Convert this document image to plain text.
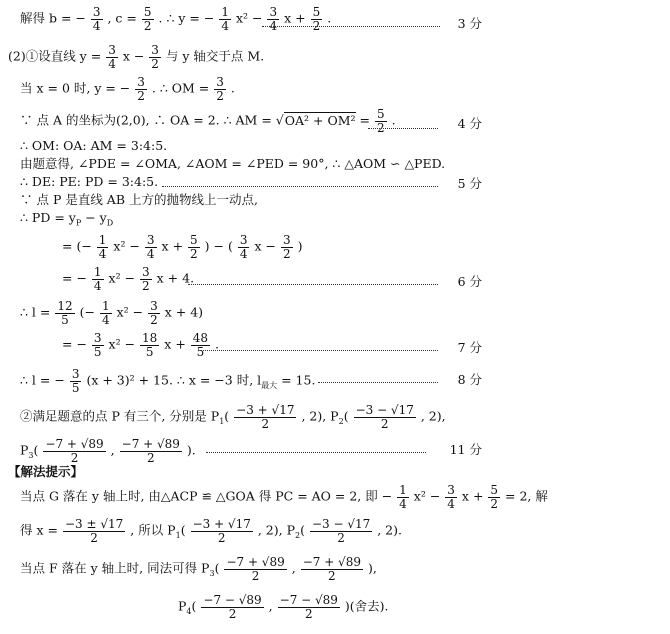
解得 b = − $\frac{3}{4}$ , $c = \frac{5}{2}$ . ∴ y = − $\frac{1}{4} x^2 - \frac{3}{4}$ $x + \frac{5}{2}$ .	3 分
(2)①设直线 $y = \frac{3}{4}$ $x - \frac{3}{2}$ 与 y 轴交于点 M.
当 x = 0 时, y = − $\frac{3}{2}$ . ∴ OM = $\frac{3}{2}$ .
∵ 点 A 的坐标为(2,0), ∴ OA = 2. ∴ AM = $√OA^2 + OM^2 = \frac{5}{2}$ .	4 分
∴ OM: OA: AM = 3:4:5.
由题意得, ∠PDE = ∠OMA, ∠AOM = ∠PED = 90°, ∴ △AOM ∽ △PED.
∴ DE: PE: PD = 3:4:5.	5 分
∵ 点 P 是直线 AB 上方的抛物线上一动点,
∴ PD = $y_P - y_D$
= (− $\frac{1}{4} x^2 - \frac{3}{4}$ $x + \frac{5}{2}$ ) − ( $\frac{3}{4}$ $x - \frac{3}{2}$ )
= − $\frac{1}{4} x^2 - \frac{3}{2}$ x + 4.	6 分
∴ $l = \frac{12}{5}$ (− $\frac{1}{4} x^2 - \frac{3}{2}$ x + 4)
= − $\frac{3}{5} x^2 - \frac{18}{5}$ $x + \frac{48}{5}$ .	7 分
∴ l = − $\frac{3}{5} (x + 3)^2 + 15$. ∴ x = −3 时, $l_{最大} = 15$.	8 分
②满足题意的点 P 有三个, 分别是 $P_1( \frac{-3 + √17}{2}$ , 2), $P_2( \frac{-3 - √17}{2}$ , 2),
$P_3( \frac{-7 + √89}{2}$ , $\frac{-7 + √89}{2}$ ).	11 分
【解法提示】
当点 G 落在 y 轴上时, 由△ACP ≌ △GOA 得 PC = AO = 2, 即 − $\frac{1}{4} x^2 - \frac{3}{4}$ $x + \frac{5}{2} = 2$, 解
得 $x = \frac{-3 \pm √17}{2}$ , 所以 $P_1( \frac{-3 + √17}{2}$ , 2), $P_2( \frac{-3 - √17}{2}$ , 2).
当点 F 落在 y 轴上时, 同法可得 $P_3( \frac{-7 + √89}{2}$ , $\frac{-7 + √89}{2}$ ),
$P_4( \frac{-7 - √89}{2}$ , $\frac{-7 - √89}{2}$ )(舍去).
